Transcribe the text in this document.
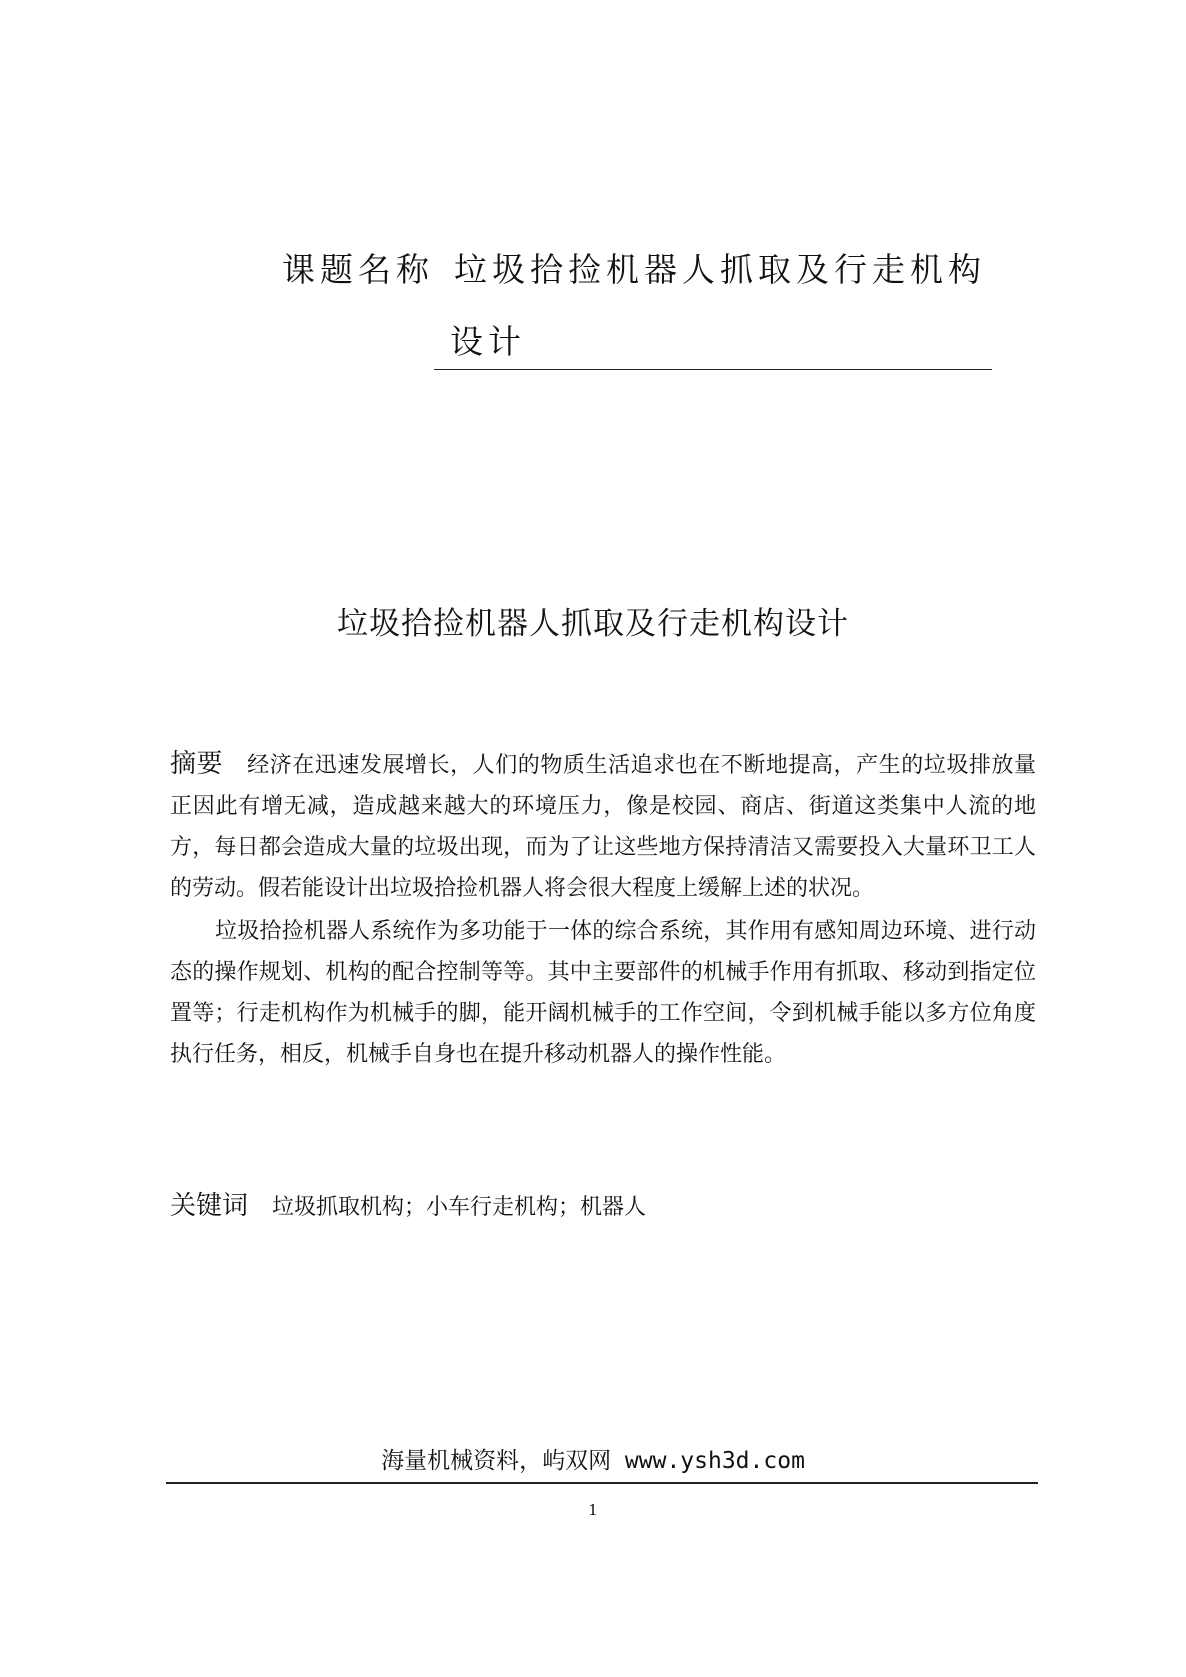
课题名称 垃圾拾捡机器人抓取及行走机构
设计
垃圾拾捡机器人抓取及行走机构设计

摘要 经济在迅速发展增长，人们的物质生活追求也在不断地提高，产生的垃圾排放量正因此有增无减，造成越来越大的环境压力，像是校园、商店、街道这类集中人流的地方，每日都会造成大量的垃圾出现，而为了让这些地方保持清洁又需要投入大量环卫工人的劳动。假若能设计出垃圾拾捡机器人将会很大程度上缓解上述的状况。

垃圾拾捡机器人系统作为多功能于一体的综合系统，其作用有感知周边环境、进行动态的操作规划、机构的配合控制等等。其中主要部件的机械手作用有抓取、移动到指定位置等；行走机构作为机械手的脚，能开阔机械手的工作空间，令到机械手能以多方位角度执行任务，相反，机械手自身也在提升移动机器人的操作性能。

关键词 垃圾抓取机构；小车行走机构；机器人
海量机械资料，屿双网 www.ysh3d.com
1
